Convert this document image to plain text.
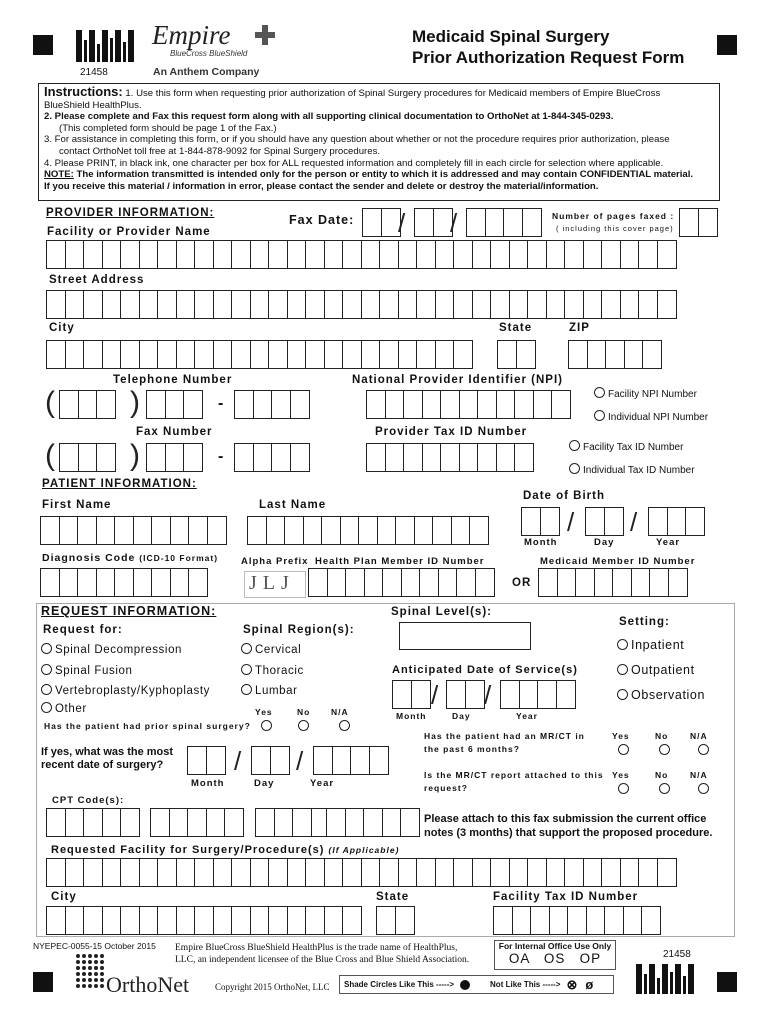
21458
Empire
BlueCross BlueShield
An Anthem Company
Medicaid Spinal Surgery
Prior Authorization Request Form
Instructions: 1. Use this form when requesting prior authorization of Spinal Surgery procedures for Medicaid members of Empire BlueCross
BlueShield HealthPlus.
2. Please complete and Fax this request form along with all supporting clinical documentation to OrthoNet at 1-844-345-0293.
(This completed form should be page 1 of the Fax.)
3. For assistance in completing this form, or if you should have any question about whether or not the procedure requires prior authorization, please
contact OrthoNet toll free at 1-844-878-9092 for Spinal Surgery procedures.
4. Please PRINT, in black ink, one character per box for ALL requested information and completely fill in each circle for selection where applicable.
NOTE: The information transmitted is intended only for the person or entity to which it is addressed and may contain CONFIDENTIAL material.
If you receive this material / information in error, please contact the sender and delete or destroy the material/information.
PROVIDER INFORMATION:
Facility or Provider Name
Fax Date: / /	Number of pages faxed :
( including this cover page)
Street Address
City	State	ZIP
Telephone Number	National Provider Identifier (NPI)
(	)	-
Facility NPI Number
Individual NPI Number
Fax Number	Provider Tax ID Number
(	)	-
Facility Tax ID Number
Individual Tax ID Number
PATIENT INFORMATION:
First Name	Last Name
Date of Birth
/ /
Month	Day	Year
Diagnosis Code (ICD-10 Format) Alpha Prefix Health Plan Member ID Number	Medicaid Member ID Number
JLJ	OR
REQUEST INFORMATION:
Request for:
Spinal Decompression
Spinal Fusion
Vertebroplasty/Kyphoplasty
Other
Spinal Region(s):
Cervical
Thoracic
Lumbar
Spinal Level(s):
Setting:
Inpatient
Outpatient
Observation
Anticipated Date of Service(s)
/ /
Month	Day	Year
Yes	No N/A
Has the patient had prior spinal surgery?
Has the patient had an MR/CT in
the past 6 months?
Yes	No	N/A
If yes, what was the most
recent date of surgery?	/ /
Month	Day	Year
Is the MR/CT report attached to this
request?
Yes	No	N/A
CPT Code(s):
Please attach to this fax submission the current office
notes (3 months) that support the proposed procedure.
Requested Facility for Surgery/Procedure(s) (If Applicable)
City	State	Facility Tax ID Number
NYEPEC-0055-15 October 2015
OrthoNet
Empire BlueCross BlueShield HealthPlus is the trade name of HealthPlus,
LLC, an independent licensee of the Blue Cross and Blue Shield Association.
Copyright 2015 OrthoNet, LLC
For Internal Office Use Only
OA   OS   OP	21458
Shade Circles Like This ----->	Not Like This -----> ⊗ ø
